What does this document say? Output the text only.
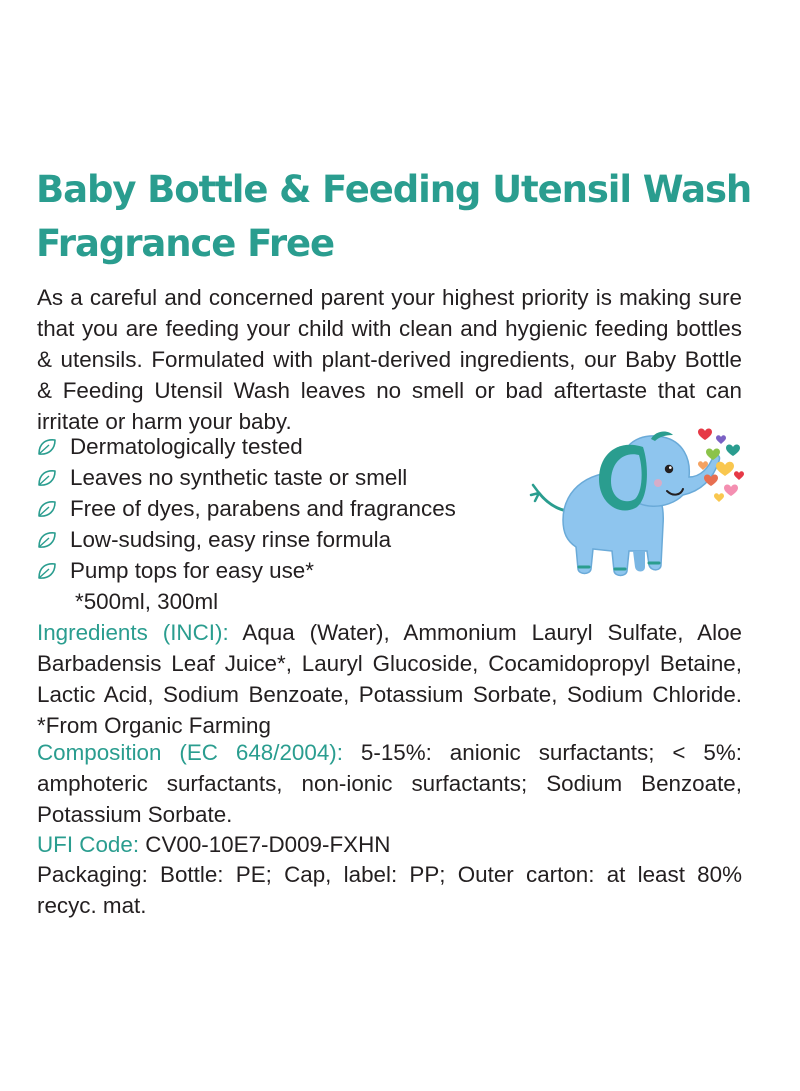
Baby Bottle & Feeding Utensil Wash
Fragrance Free

As a careful and concerned parent your highest priority is making sure that you are feeding your child with clean and hygienic feeding bottles & utensils. Formulated with plant-derived ingredients, our Baby Bottle & Feeding Utensil Wash leaves no smell or bad aftertaste that can irritate or harm your baby.

Dermatologically tested
Leaves no synthetic taste or smell
Free of dyes, parabens and fragrances
Low-sudsing, easy rinse formula
Pump tops for easy use*
*500ml, 300ml

Ingredients (INCI): Aqua (Water), Ammonium Lauryl Sulfate, Aloe Barbadensis Leaf Juice*, Lauryl Glucoside, Cocamidopropyl Betaine, Lactic Acid, Sodium Benzoate, Potassium Sorbate, Sodium Chloride. *From Organic Farming

Composition (EC 648/2004): 5-15%: anionic surfactants; < 5%: amphoteric surfactants, non-ionic surfactants; Sodium Benzoate, Potassium Sorbate.

UFI Code: CV00-10E7-D009-FXHN

Packaging: Bottle: PE; Cap, label: PP; Outer carton: at least 80% recyc. mat.
